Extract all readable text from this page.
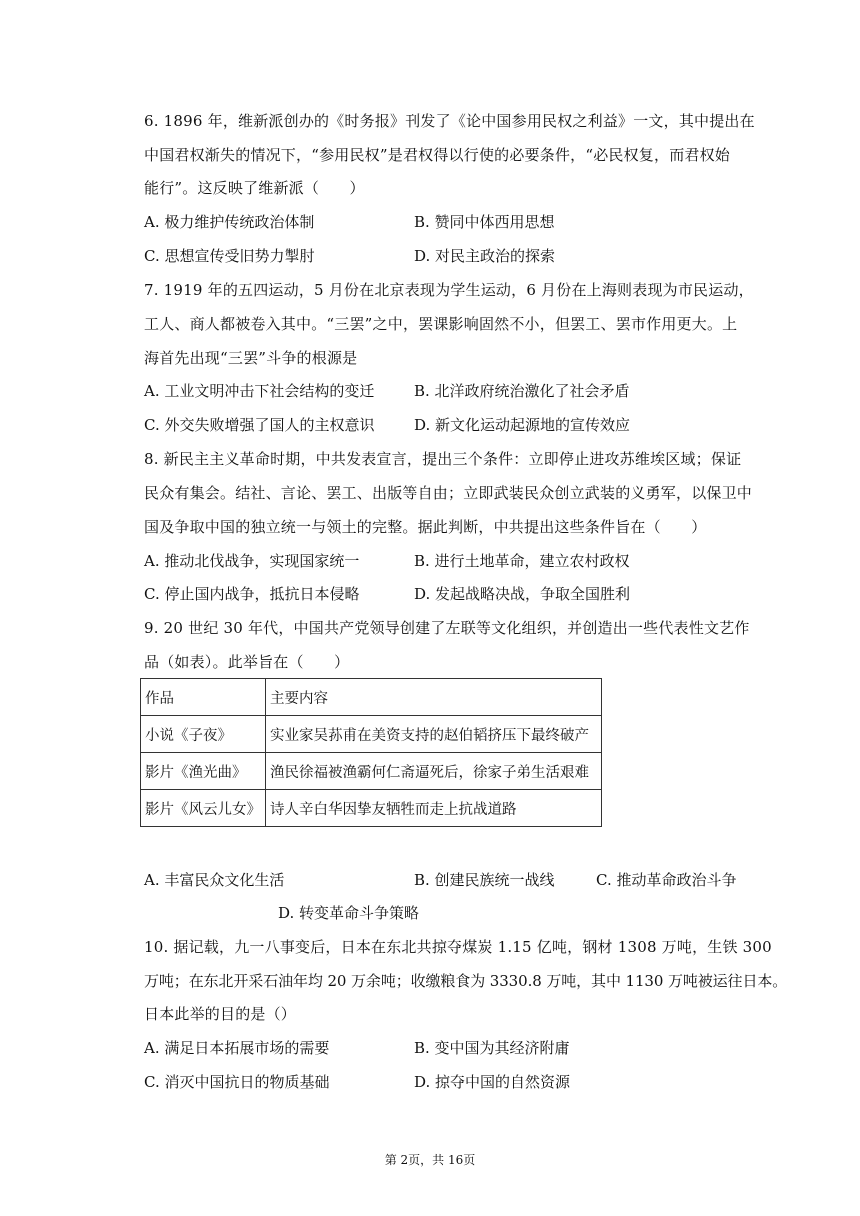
6. 1896 年，维新派创办的《时务报》刊发了《论中国参用民权之利益》一文，其中提出在
中国君权渐失的情况下，“参用民权”是君权得以行使的必要条件，“必民权复，而君权始
能行”。这反映了维新派（　　）
A. 极力维护传统政治体制	B. 赞同中体西用思想
C. 思想宣传受旧势力掣肘	D. 对民主政治的探索
7. 1919 年的五四运动，5 月份在北京表现为学生运动，6 月份在上海则表现为市民运动，
工人、商人都被卷入其中。“三罢”之中，罢课影响固然不小，但罢工、罢市作用更大。上
海首先出现“三罢”斗争的根源是
A. 工业文明冲击下社会结构的变迁	B. 北洋政府统治激化了社会矛盾
C. 外交失败增强了国人的主权意识	D. 新文化运动起源地的宣传效应
8. 新民主主义革命时期，中共发表宣言，提出三个条件：立即停止进攻苏维埃区域；保证
民众有集会。结社、言论、罢工、出版等自由；立即武装民众创立武装的义勇军，以保卫中
国及争取中国的独立统一与领土的完整。据此判断，中共提出这些条件旨在（　　）
A. 推动北伐战争，实现国家统一	B. 进行土地革命，建立农村政权
C. 停止国内战争，抵抗日本侵略	D. 发起战略决战，争取全国胜利
9. 20 世纪 30 年代，中国共产党领导创建了左联等文化组织，并创造出一些代表性文艺作
品（如表）。此举旨在（　　）
作品	主要内容
小说《子夜》	实业家吴荪甫在美资支持的赵伯韬挤压下最终破产
影片《渔光曲》	渔民徐福被渔霸何仁斋逼死后，徐家子弟生活艰难
影片《风云儿女》	诗人辛白华因挚友牺牲而走上抗战道路
A. 丰富民众文化生活	B. 创建民族统一战线	C. 推动革命政治斗争
D. 转变革命斗争策略
10. 据记载，九一八事变后，日本在东北共掠夺煤炭 1.15 亿吨，钢材 1308 万吨，生铁 300
万吨；在东北开采石油年均 20 万余吨；收缴粮食为 3330.8 万吨，其中 1130 万吨被运往日本。
日本此举的目的是（）
A. 满足日本拓展市场的需要	B. 变中国为其经济附庸
C. 消灭中国抗日的物质基础	D. 掠夺中国的自然资源
第 2页，共 16页
